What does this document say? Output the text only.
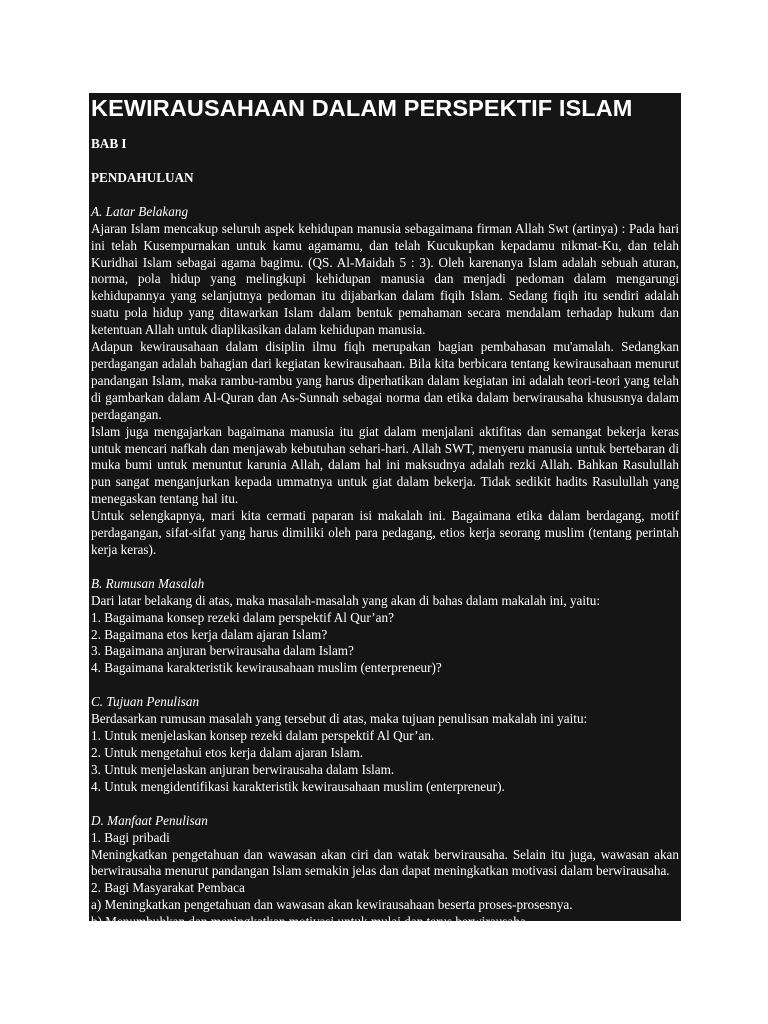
KEWIRAUSAHAAN DALAM PERSPEKTIF ISLAM
BAB I
PENDAHULUAN
A. Latar Belakang

Ajaran Islam mencakup seluruh aspek kehidupan manusia sebagaimana firman Allah Swt (artinya) : Pada hari ini telah Kusempurnakan untuk kamu agamamu, dan telah Kucukupkan kepadamu nikmat-Ku, dan telah Kuridhai Islam sebagai agama bagimu. (QS. Al-Maidah 5 : 3). Oleh karenanya Islam adalah sebuah aturan, norma, pola hidup yang melingkupi kehidupan manusia dan menjadi pedoman dalam mengarungi kehidupannya yang selanjutnya pedoman itu dijabarkan dalam fiqih Islam. Sedang fiqih itu sendiri adalah suatu pola hidup yang ditawarkan Islam dalam bentuk pemahaman secara mendalam terhadap hukum dan ketentuan Allah untuk diaplikasikan dalam kehidupan manusia.

Adapun kewirausahaan dalam disiplin ilmu fiqh merupakan bagian pembahasan mu'amalah. Sedangkan perdagangan adalah bahagian dari kegiatan kewirausahaan. Bila kita berbicara tentang kewirausahaan menurut pandangan Islam, maka rambu-rambu yang harus diperhatikan dalam kegiatan ini adalah teori-teori yang telah di gambarkan dalam Al-Quran dan As-Sunnah sebagai norma dan etika dalam berwirausaha khususnya dalam perdagangan.

Islam juga mengajarkan bagaimana manusia itu giat dalam menjalani aktifitas dan semangat bekerja keras untuk mencari nafkah dan menjawab kebutuhan sehari-hari. Allah SWT, menyeru manusia untuk bertebaran di muka bumi untuk menuntut karunia Allah, dalam hal ini maksudnya adalah rezki Allah. Bahkan Rasulullah pun sangat menganjurkan kepada ummatnya untuk giat dalam bekerja. Tidak sedikit hadits Rasulullah yang menegaskan tentang hal itu.

Untuk selengkapnya, mari kita cermati paparan isi makalah ini. Bagaimana etika dalam berdagang, motif perdagangan, sifat-sifat yang harus dimiliki oleh para pedagang, etios kerja seorang muslim (tentang perintah kerja keras).

B. Rumusan Masalah

Dari latar belakang di atas, maka masalah-masalah yang akan di bahas dalam makalah ini, yaitu:

1. Bagaimana konsep rezeki dalam perspektif Al Qur’an?

2. Bagaimana etos kerja dalam ajaran Islam?

3. Bagaimana anjuran berwirausaha dalam Islam?

4. Bagaimana karakteristik kewirausahaan muslim (enterpreneur)?

C. Tujuan Penulisan

Berdasarkan rumusan masalah yang tersebut di atas, maka tujuan penulisan makalah ini yaitu:

1. Untuk menjelaskan konsep rezeki dalam perspektif Al Qur’an.

2. Untuk mengetahui etos kerja dalam ajaran Islam.

3. Untuk menjelaskan anjuran berwirausaha dalam Islam.

4. Untuk mengidentifikasi karakteristik kewirausahaan muslim (enterpreneur).

D. Manfaat Penulisan

1. Bagi pribadi

Meningkatkan pengetahuan dan wawasan akan ciri dan watak berwirausaha. Selain itu juga, wawasan akan berwirausaha menurut pandangan Islam semakin jelas dan dapat meningkatkan motivasi dalam berwirausaha.

2. Bagi Masyarakat Pembaca

a) Meningkatkan pengetahuan dan wawasan akan kewirausahaan beserta proses-prosesnya.

b) Menumbuhkan dan meningkatkan motivasi untuk mulai dan terus berwirausaha.
